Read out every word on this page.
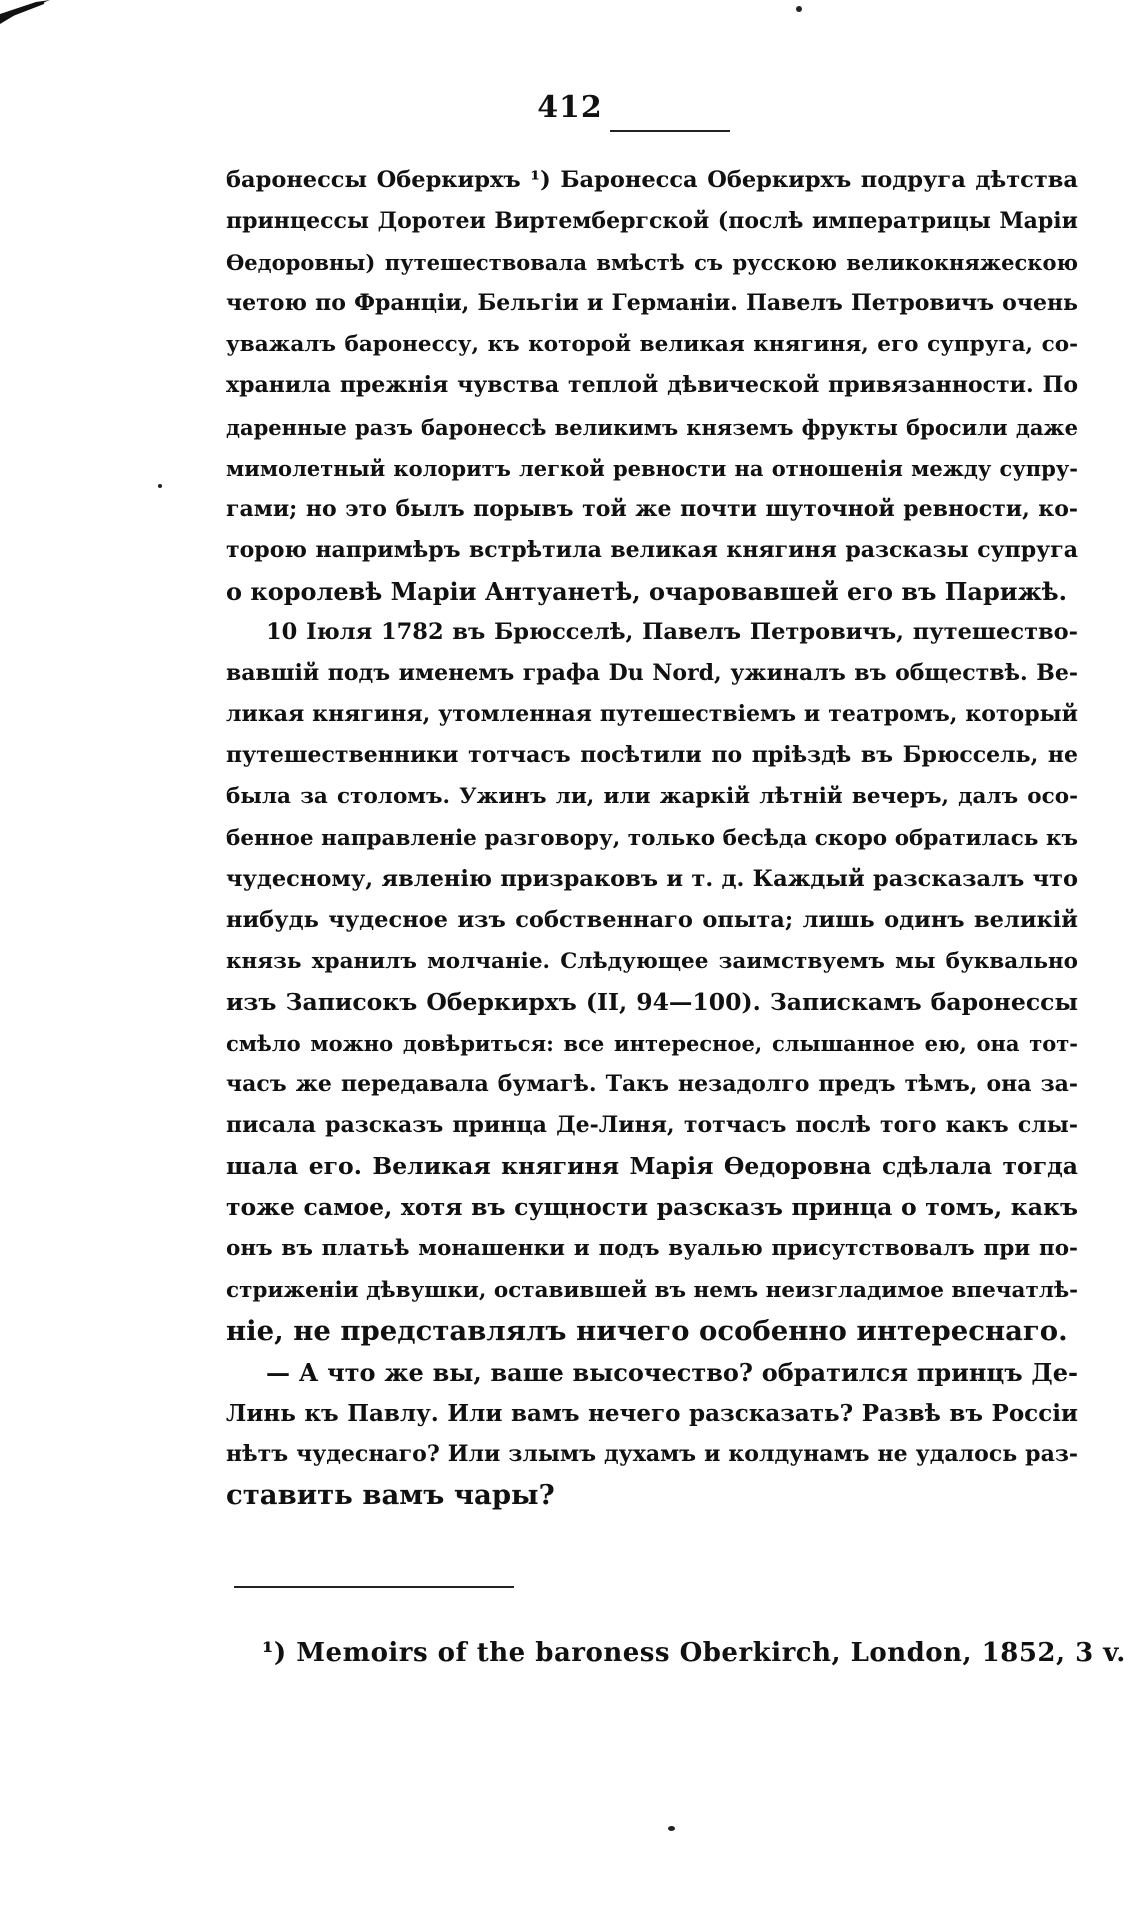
412
баронессы Оберкирхъ ¹) Баронесса Оберкирхъ подруга дѣтства
принцессы Доротеи Виртембергской (послѣ императрицы Маріи
Өедоровны) путешествовала вмѣстѣ съ русскою великокняжескою
четою по Франціи, Бельгіи и Германіи. Павелъ Петровичъ очень
уважалъ баронессу, къ которой великая княгиня, его супруга, со-
хранила прежнія чувства теплой дѣвической привязанности. По
даренные разъ баронессѣ великимъ княземъ фрукты бросили даже
мимолетный колоритъ легкой ревности на отношенія между супру-
гами; но это былъ порывъ той же почти шуточной ревности, ко-
торою напримѣръ встрѣтила великая княгиня разсказы супруга
о королевѣ Маріи Антуанетѣ, очаровавшей его въ Парижѣ.
10 Іюля 1782 въ Брюсселѣ, Павелъ Петровичъ, путешество-
вавшій подъ именемъ графа Du Nord, ужиналъ въ обществѣ. Ве-
ликая княгиня, утомленная путешествіемъ и театромъ, который
путешественники тотчасъ посѣтили по пріѣздѣ въ Брюссель, не
была за столомъ. Ужинъ ли, или жаркій лѣтній вечеръ, далъ осо-
бенное направленіе разговору, только бесѣда скоро обратилась къ
чудесному, явленію призраковъ и т. д. Каждый разсказалъ что
нибудь чудесное изъ собственнаго опыта; лишь одинъ великій
князь хранилъ молчаніе. Слѣдующее заимствуемъ мы буквально
изъ Записокъ Оберкирхъ (II, 94—100). Запискамъ баронессы
смѣло можно довѣриться: все интересное, слышанное ею, она тот-
часъ же передавала бумагѣ. Такъ незадолго предъ тѣмъ, она за-
писала разсказъ принца Де-Линя, тотчасъ послѣ того какъ слы-
шала его. Великая княгиня Марія Өедоровна сдѣлала тогда
тоже самое, хотя въ сущности разсказъ принца о томъ, какъ
онъ въ платьѣ монашенки и подъ вуалью присутствовалъ при по-
стриженіи дѣвушки, оставившей въ немъ неизгладимое впечатлѣ-
ніе, не представлялъ ничего особенно интереснаго.
— А что же вы, ваше высочество? обратился принцъ Де-
Линь къ Павлу. Или вамъ нечего разсказать? Развѣ въ Россіи
нѣтъ чудеснаго? Или злымъ духамъ и колдунамъ не удалось раз-
ставить вамъ чары?
¹) Memoirs of the baroness Oberkirch, London, 1852, 3 v.
